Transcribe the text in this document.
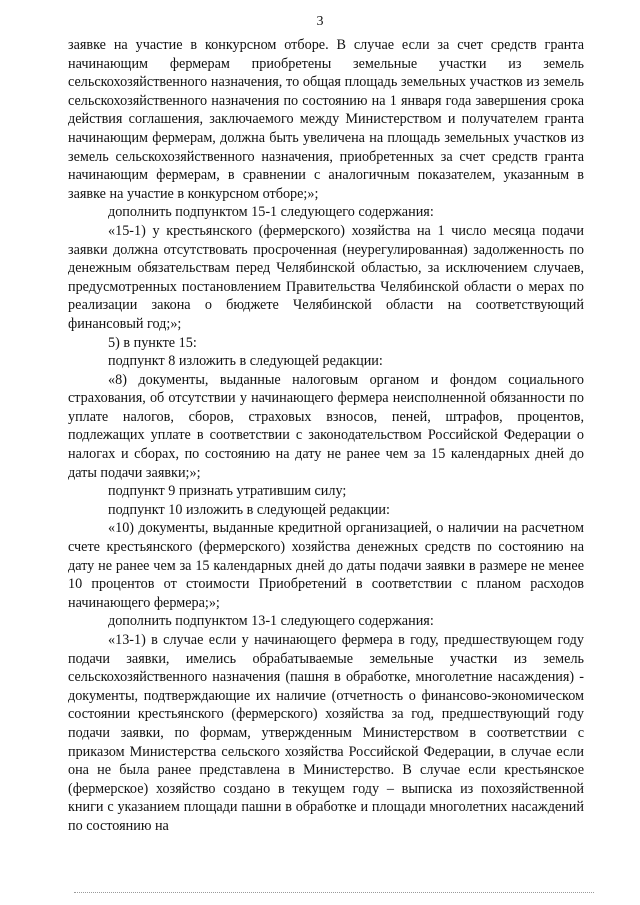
3

заявке на участие в конкурсном отборе. В случае если за счет средств гранта начинающим фермерам приобретены земельные участки из земель сельскохозяйственного назначения, то общая площадь земельных участков из земель сельскохозяйственного назначения по состоянию на 1 января года завершения срока действия соглашения, заключаемого между Министерством и получателем гранта начинающим фермерам, должна быть увеличена на площадь земельных участков из земель сельскохозяйственного назначения, приобретенных за счет средств гранта начинающим фермерам, в сравнении с аналогичным показателем, указанным в заявке на участие в конкурсном отборе;»;

дополнить подпунктом 15-1 следующего содержания:

«15-1) у крестьянского (фермерского) хозяйства на 1 число месяца подачи заявки должна отсутствовать просроченная (неурегулированная) задолженность по денежным обязательствам перед Челябинской областью, за исключением случаев, предусмотренных постановлением Правительства Челябинской области о мерах по реализации закона о бюджете Челябинской области на соответствующий финансовый год;»;

5) в пункте 15:

подпункт 8 изложить в следующей редакции:

«8) документы, выданные налоговым органом и фондом социального страхования, об отсутствии у начинающего фермера неисполненной обязанности по уплате налогов, сборов, страховых взносов, пеней, штрафов, процентов, подлежащих уплате в соответствии с законодательством Российской Федерации о налогах и сборах, по состоянию на дату не ранее чем за 15 календарных дней до даты подачи заявки;»;

подпункт 9 признать утратившим силу;

подпункт 10 изложить в следующей редакции:

«10) документы, выданные кредитной организацией, о наличии на расчетном счете крестьянского (фермерского) хозяйства денежных средств по состоянию на дату не ранее чем за 15 календарных дней до даты подачи заявки в размере не менее 10 процентов от стоимости Приобретений в соответствии с планом расходов начинающего фермера;»;

дополнить подпунктом 13-1 следующего содержания:

«13-1) в случае если у начинающего фермера в году, предшествующем году подачи заявки, имелись обрабатываемые земельные участки из земель сельскохозяйственного назначения (пашня в обработке, многолетние насаждения) - документы, подтверждающие их наличие (отчетность о финансово-экономическом состоянии крестьянского (фермерского) хозяйства за год, предшествующий году подачи заявки, по формам, утвержденным Министерством в соответствии с приказом Министерства сельского хозяйства Российской Федерации, в случае если она не была ранее представлена в Министерство. В случае если крестьянское (фермерское) хозяйство создано в текущем году – выписка из похозяйственной книги с указанием площади пашни в обработке и площади многолетних насаждений по состоянию на
